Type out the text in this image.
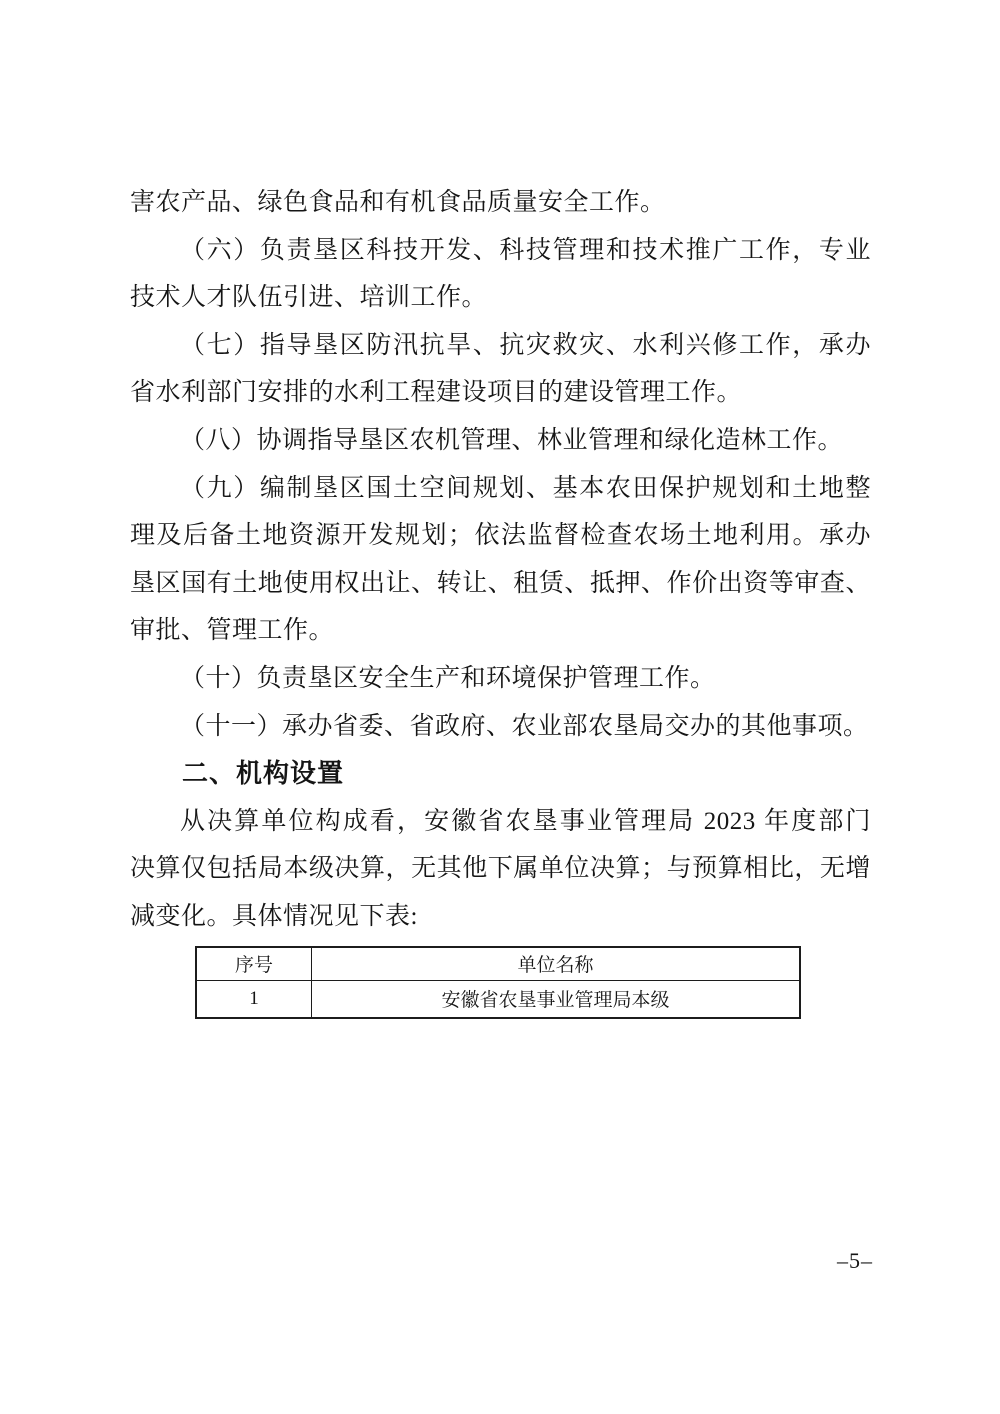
害农产品、绿色食品和有机食品质量安全工作。
（六）负责垦区科技开发、科技管理和技术推广工作，专业
技术人才队伍引进、培训工作。
（七）指导垦区防汛抗旱、抗灾救灾、水利兴修工作，承办
省水利部门安排的水利工程建设项目的建设管理工作。
（八）协调指导垦区农机管理、林业管理和绿化造林工作。
（九）编制垦区国土空间规划、基本农田保护规划和土地整
理及后备土地资源开发规划；依法监督检查农场土地利用。承办
垦区国有土地使用权出让、转让、租赁、抵押、作价出资等审查、
审批、管理工作。
（十）负责垦区安全生产和环境保护管理工作。
（十一）承办省委、省政府、农业部农垦局交办的其他事项。
二、机构设置
从决算单位构成看，安徽省农垦事业管理局 2023 年度部门
决算仅包括局本级决算，无其他下属单位决算；与预算相比，无增
减变化。具体情况见下表:
序号	单位名称
1	安徽省农垦事业管理局本级
–5–
